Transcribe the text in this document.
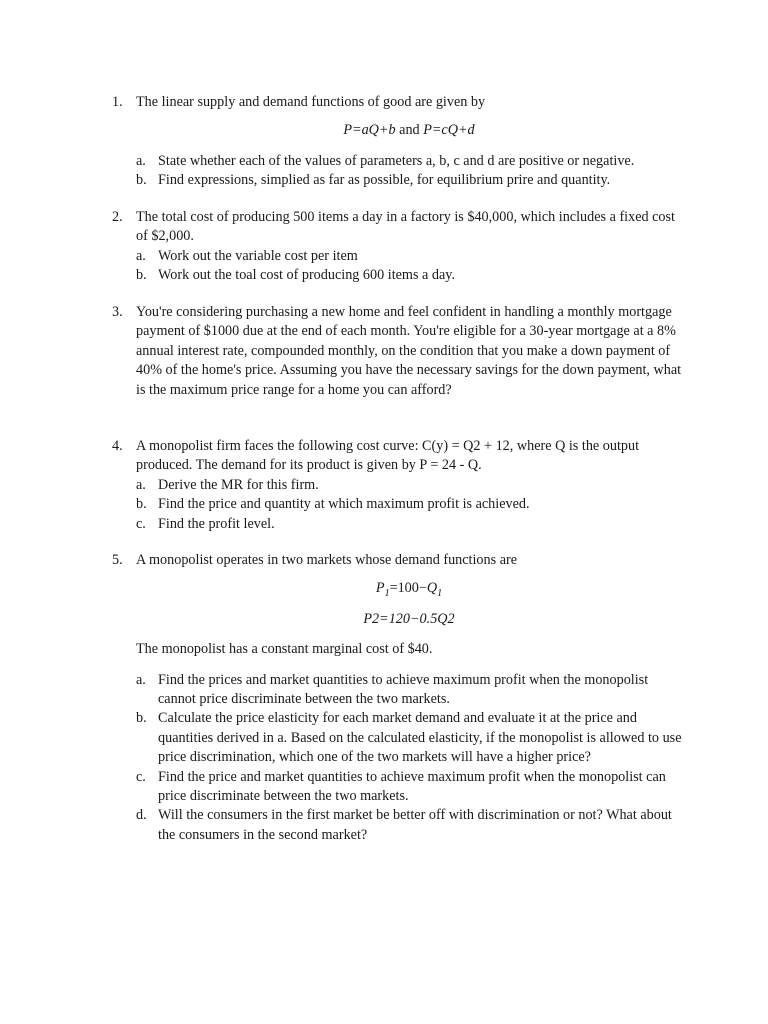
1. The linear supply and demand functions of good are given by
P=aQ+b and P=cQ+d
a. State whether each of the values of parameters a, b, c and d are positive or negative.
b. Find expressions, simplied as far as possible, for equilibrium prire and quantity.
2. The total cost of producing 500 items a day in a factory is $40,000, which includes a fixed cost of $2,000.
a. Work out the variable cost per item
b. Work out the toal cost of producing 600 items a day.
3. You're considering purchasing a new home and feel confident in handling a monthly mortgage payment of $1000 due at the end of each month. You're eligible for a 30-year mortgage at a 8% annual interest rate, compounded monthly, on the condition that you make a down payment of 40% of the home's price. Assuming you have the necessary savings for the down payment, what is the maximum price range for a home you can afford?
4. A monopolist firm faces the following cost curve: C(y) = Q2 + 12, where Q is the output produced. The demand for its product is given by P = 24 - Q.
a. Derive the MR for this firm.
b. Find the price and quantity at which maximum profit is achieved.
c. Find the profit level.
5. A monopolist operates in two markets whose demand functions are
$P_1=100-Q_1$
P2=120−0.5Q2
The monopolist has a constant marginal cost of $40.
a. Find the prices and market quantities to achieve maximum profit when the monopolist cannot price discriminate between the two markets.
b. Calculate the price elasticity for each market demand and evaluate it at the price and quantities derived in a. Based on the calculated elasticity, if the monopolist is allowed to use price discrimination, which one of the two markets will have a higher price?
c. Find the price and market quantities to achieve maximum profit when the monopolist can price discriminate between the two markets.
d. Will the consumers in the first market be better off with discrimination or not? What about the consumers in the second market?
